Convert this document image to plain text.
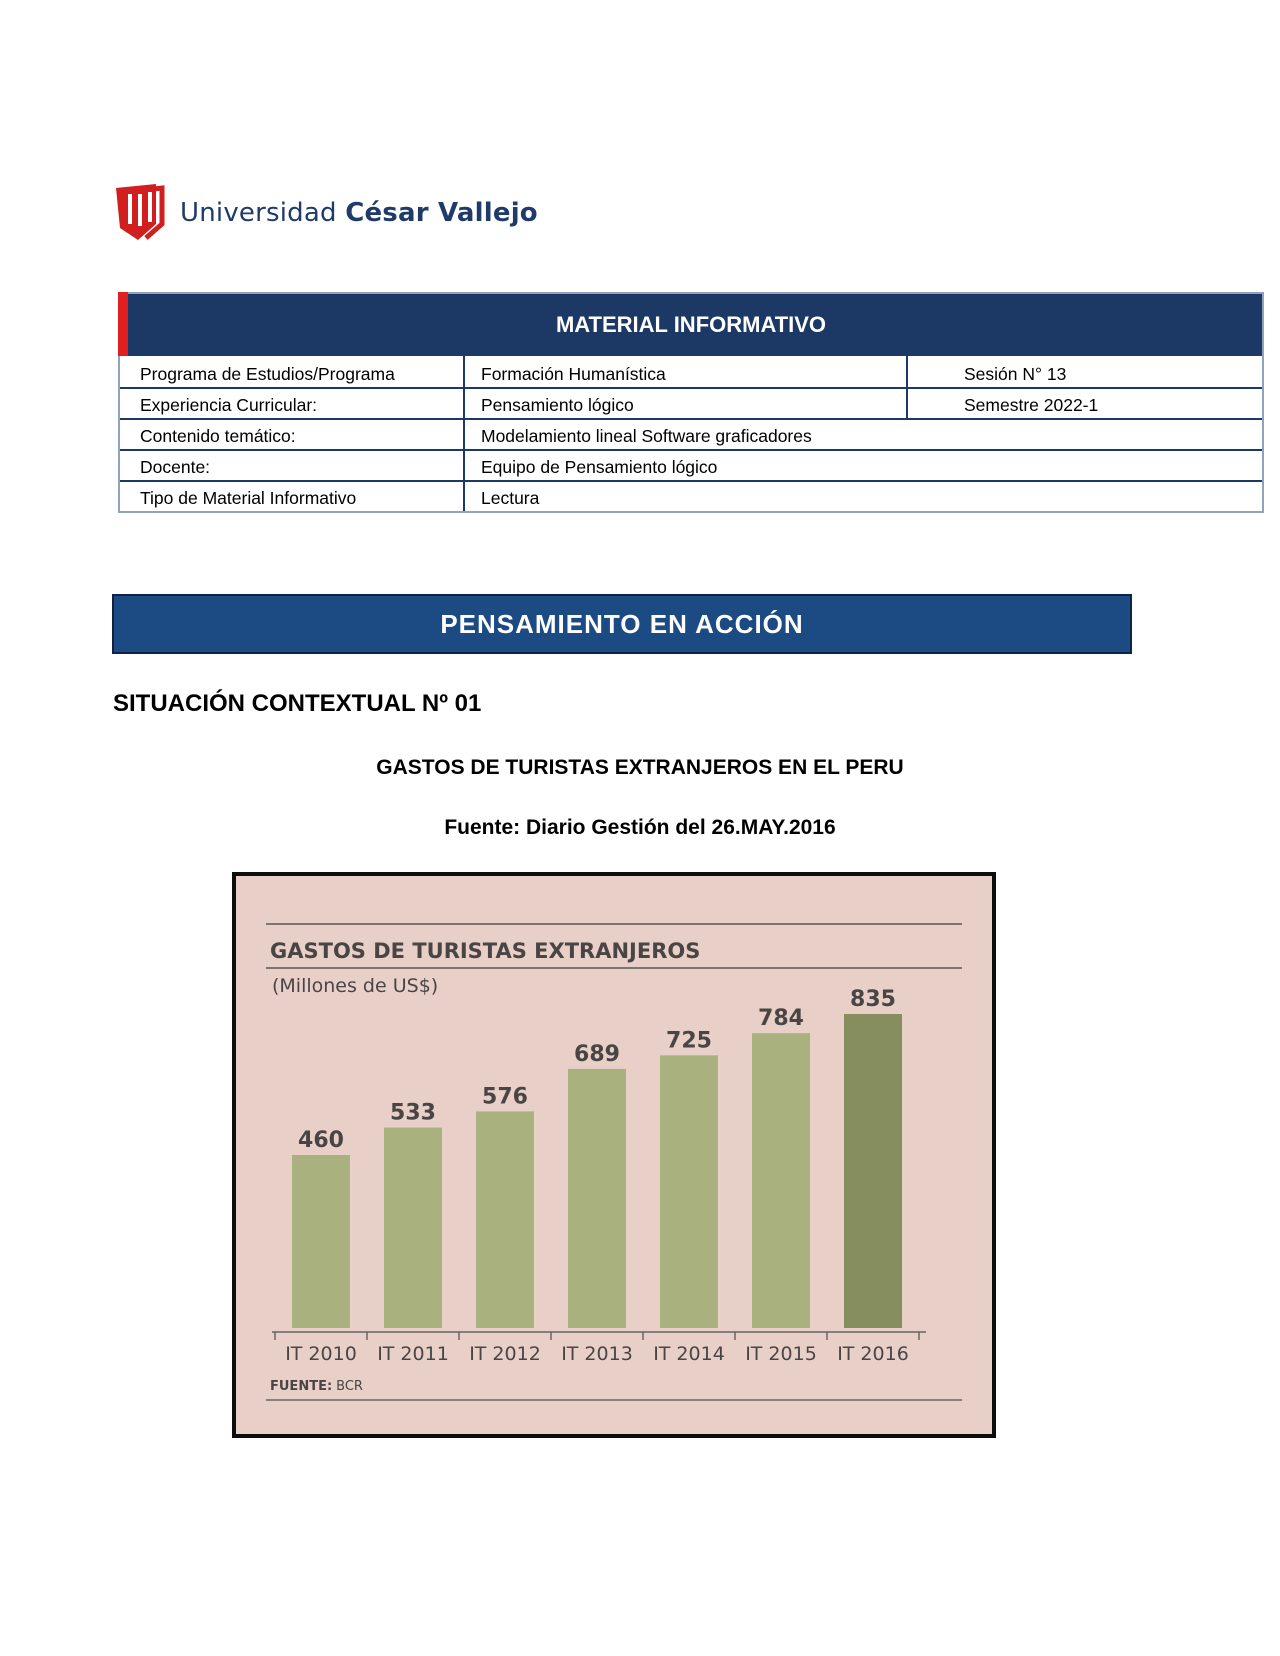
Universidad César Vallejo
MATERIAL INFORMATIVO
Programa de Estudios/Programa	Formación Humanística	Sesión N° 13
Experiencia Curricular:	Pensamiento lógico	Semestre 2022-1
Contenido temático:	Modelamiento lineal Software graficadores
Docente:	Equipo de Pensamiento lógico
Tipo de Material Informativo	Lectura
PENSAMIENTO EN ACCIÓN
SITUACIÓN CONTEXTUAL Nº 01
GASTOS DE TURISTAS EXTRANJEROS EN EL PERU
Fuente: Diario Gestión del 26.MAY.2016
GASTOS DE TURISTAS EXTRANJEROS
(Millones de US$)
460
533
576
689
725
784
835
IT 2010 IT 2011 IT 2012 IT 2013 IT 2014 IT 2015 IT 2016
FUENTE: BCR
